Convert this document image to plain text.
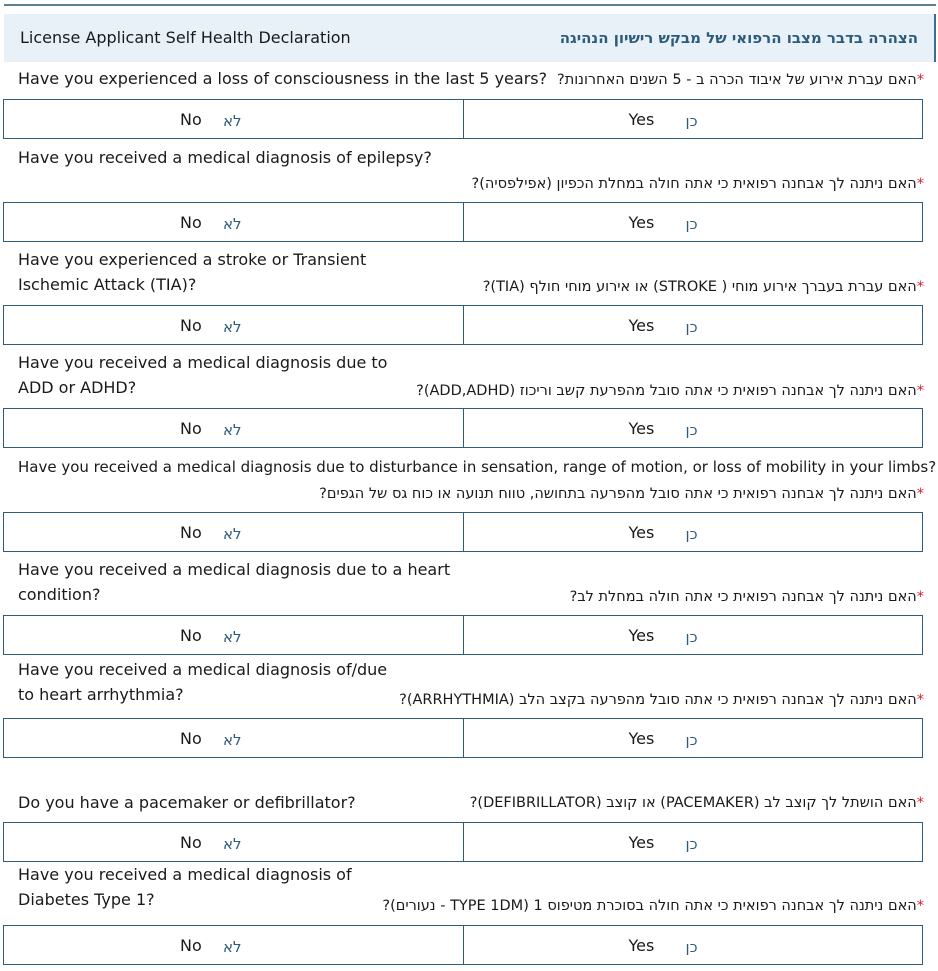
License Applicant Self Health Declaration	הצהרה בדבר מצבו הרפואי של מבקש רישיון הנהיגה
Have you experienced a loss of consciousness in the last 5 years?	*האם עברת אירוע של איבוד הכרה ב - 5 השנים האחרונות?
No לא	Yes כן
Have you received a medical diagnosis of epilepsy?

*האם ניתנה לך אבחנה רפואית כי אתה חולה במחלת הכפיון (אפילפסיה)?
No לא	Yes כן
Have you experienced a stroke or Transient
Ischemic Attack (TIA)?	*האם עברת בעברך אירוע מוחי ( STROKE) או אירוע מוחי חולף (TIA)?
No לא	Yes כן
Have you received a medical diagnosis due to
ADD or ADHD?	*האם ניתנה לך אבחנה רפואית כי אתה סובל מהפרעת קשב וריכוז (ADD,ADHD)?
No לא	Yes כן
Have you received a medical diagnosis due to disturbance in sensation, range of motion, or loss of mobility in your limbs?
*האם ניתנה לך אבחנה רפואית כי אתה סובל מהפרעה בתחושה, טווח תנועה או כוח גס של הגפים?
No לא	Yes כן
Have you received a medical diagnosis due to a heart
condition?	*האם ניתנה לך אבחנה רפואית כי אתה חולה במחלת לב?
No לא	Yes כן
Have you received a medical diagnosis of/due
to heart arrhythmia?	*האם ניתנה לך אבחנה רפואית כי אתה סובל מהפרעה בקצב הלב (ARRHYTHMIA)?
No לא	Yes כן
Do you have a pacemaker or defibrillator?	*האם הושתל לך קוצב לב (PACEMAKER) או קוצב (DEFIBRILLATOR)?
No לא	Yes כן
Have you received a medical diagnosis of
Diabetes Type 1?	*האם ניתנה לך אבחנה רפואית כי אתה חולה בסוכרת מטיפוס 1 (TYPE 1DM - נעורים)?
No לא	Yes כן
